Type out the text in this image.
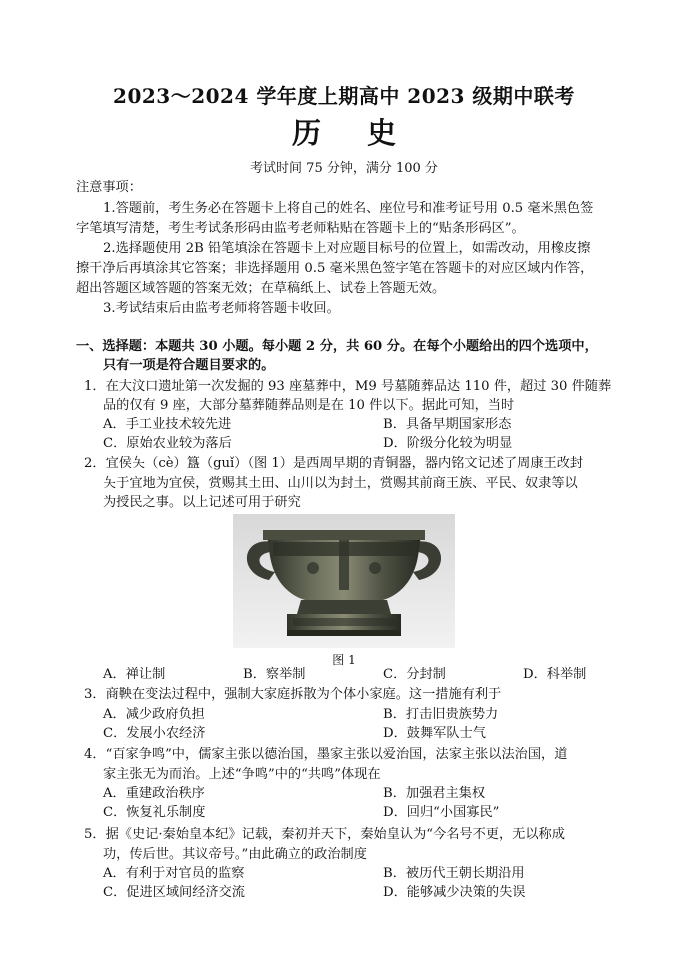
2023～2024 学年度上期高中 2023 级期中联考
历 史
考试时间 75 分钟，满分 100 分
注意事项：
1.答题前，考生务必在答题卡上将自己的姓名、座位号和准考证号用 0.5 毫米黑色签
字笔填写清楚，考生考试条形码由监考老师粘贴在答题卡上的“贴条形码区”。
2.选择题使用 2B 铅笔填涂在答题卡上对应题目标号的位置上，如需改动，用橡皮擦
擦干净后再填涂其它答案；非选择题用 0.5 毫米黑色签字笔在答题卡的对应区域内作答，
超出答题区域答题的答案无效；在草稿纸上、试卷上答题无效。
3.考试结束后由监考老师将答题卡收回。
一、选择题：本题共 30 小题。每小题 2 分，共 60 分。在每个小题给出的四个选项中，
只有一项是符合题目要求的。
1．在大汶口遗址第一次发掘的 93 座墓葬中，M9 号墓随葬品达 110 件，超过 30 件随葬
品的仅有 9 座，大部分墓葬随葬品则是在 10 件以下。据此可知，当时
A．手工业技术较先进	B．具备早期国家形态
C．原始农业较为落后	D．阶级分化较为明显
2．宜侯夨（cè）簋（guǐ）（图 1）是西周早期的青铜器，器内铭文记述了周康王改封
夨于宜地为宜侯，赏赐其土田、山川以为封土，赏赐其前商王族、平民、奴隶等以
为授民之事。以上记述可用于研究
图 1
A．禅让制	B．察举制	C．分封制	D．科举制
3．商鞅在变法过程中，强制大家庭拆散为个体小家庭。这一措施有利于
A．减少政府负担	B．打击旧贵族势力
C．发展小农经济	D．鼓舞军队士气
4．“百家争鸣”中，儒家主张以德治国，墨家主张以爱治国，法家主张以法治国，道
家主张无为而治。上述“争鸣”中的“共鸣”体现在
A．重建政治秩序	B．加强君主集权
C．恢复礼乐制度	D．回归“小国寡民”
5．据《史记·秦始皇本纪》记载，秦初并天下，秦始皇认为“今名号不更，无以称成
功，传后世。其议帝号。”由此确立的政治制度
A．有利于对官员的监察	B．被历代王朝长期沿用
C．促进区域间经济交流	D．能够减少决策的失误
